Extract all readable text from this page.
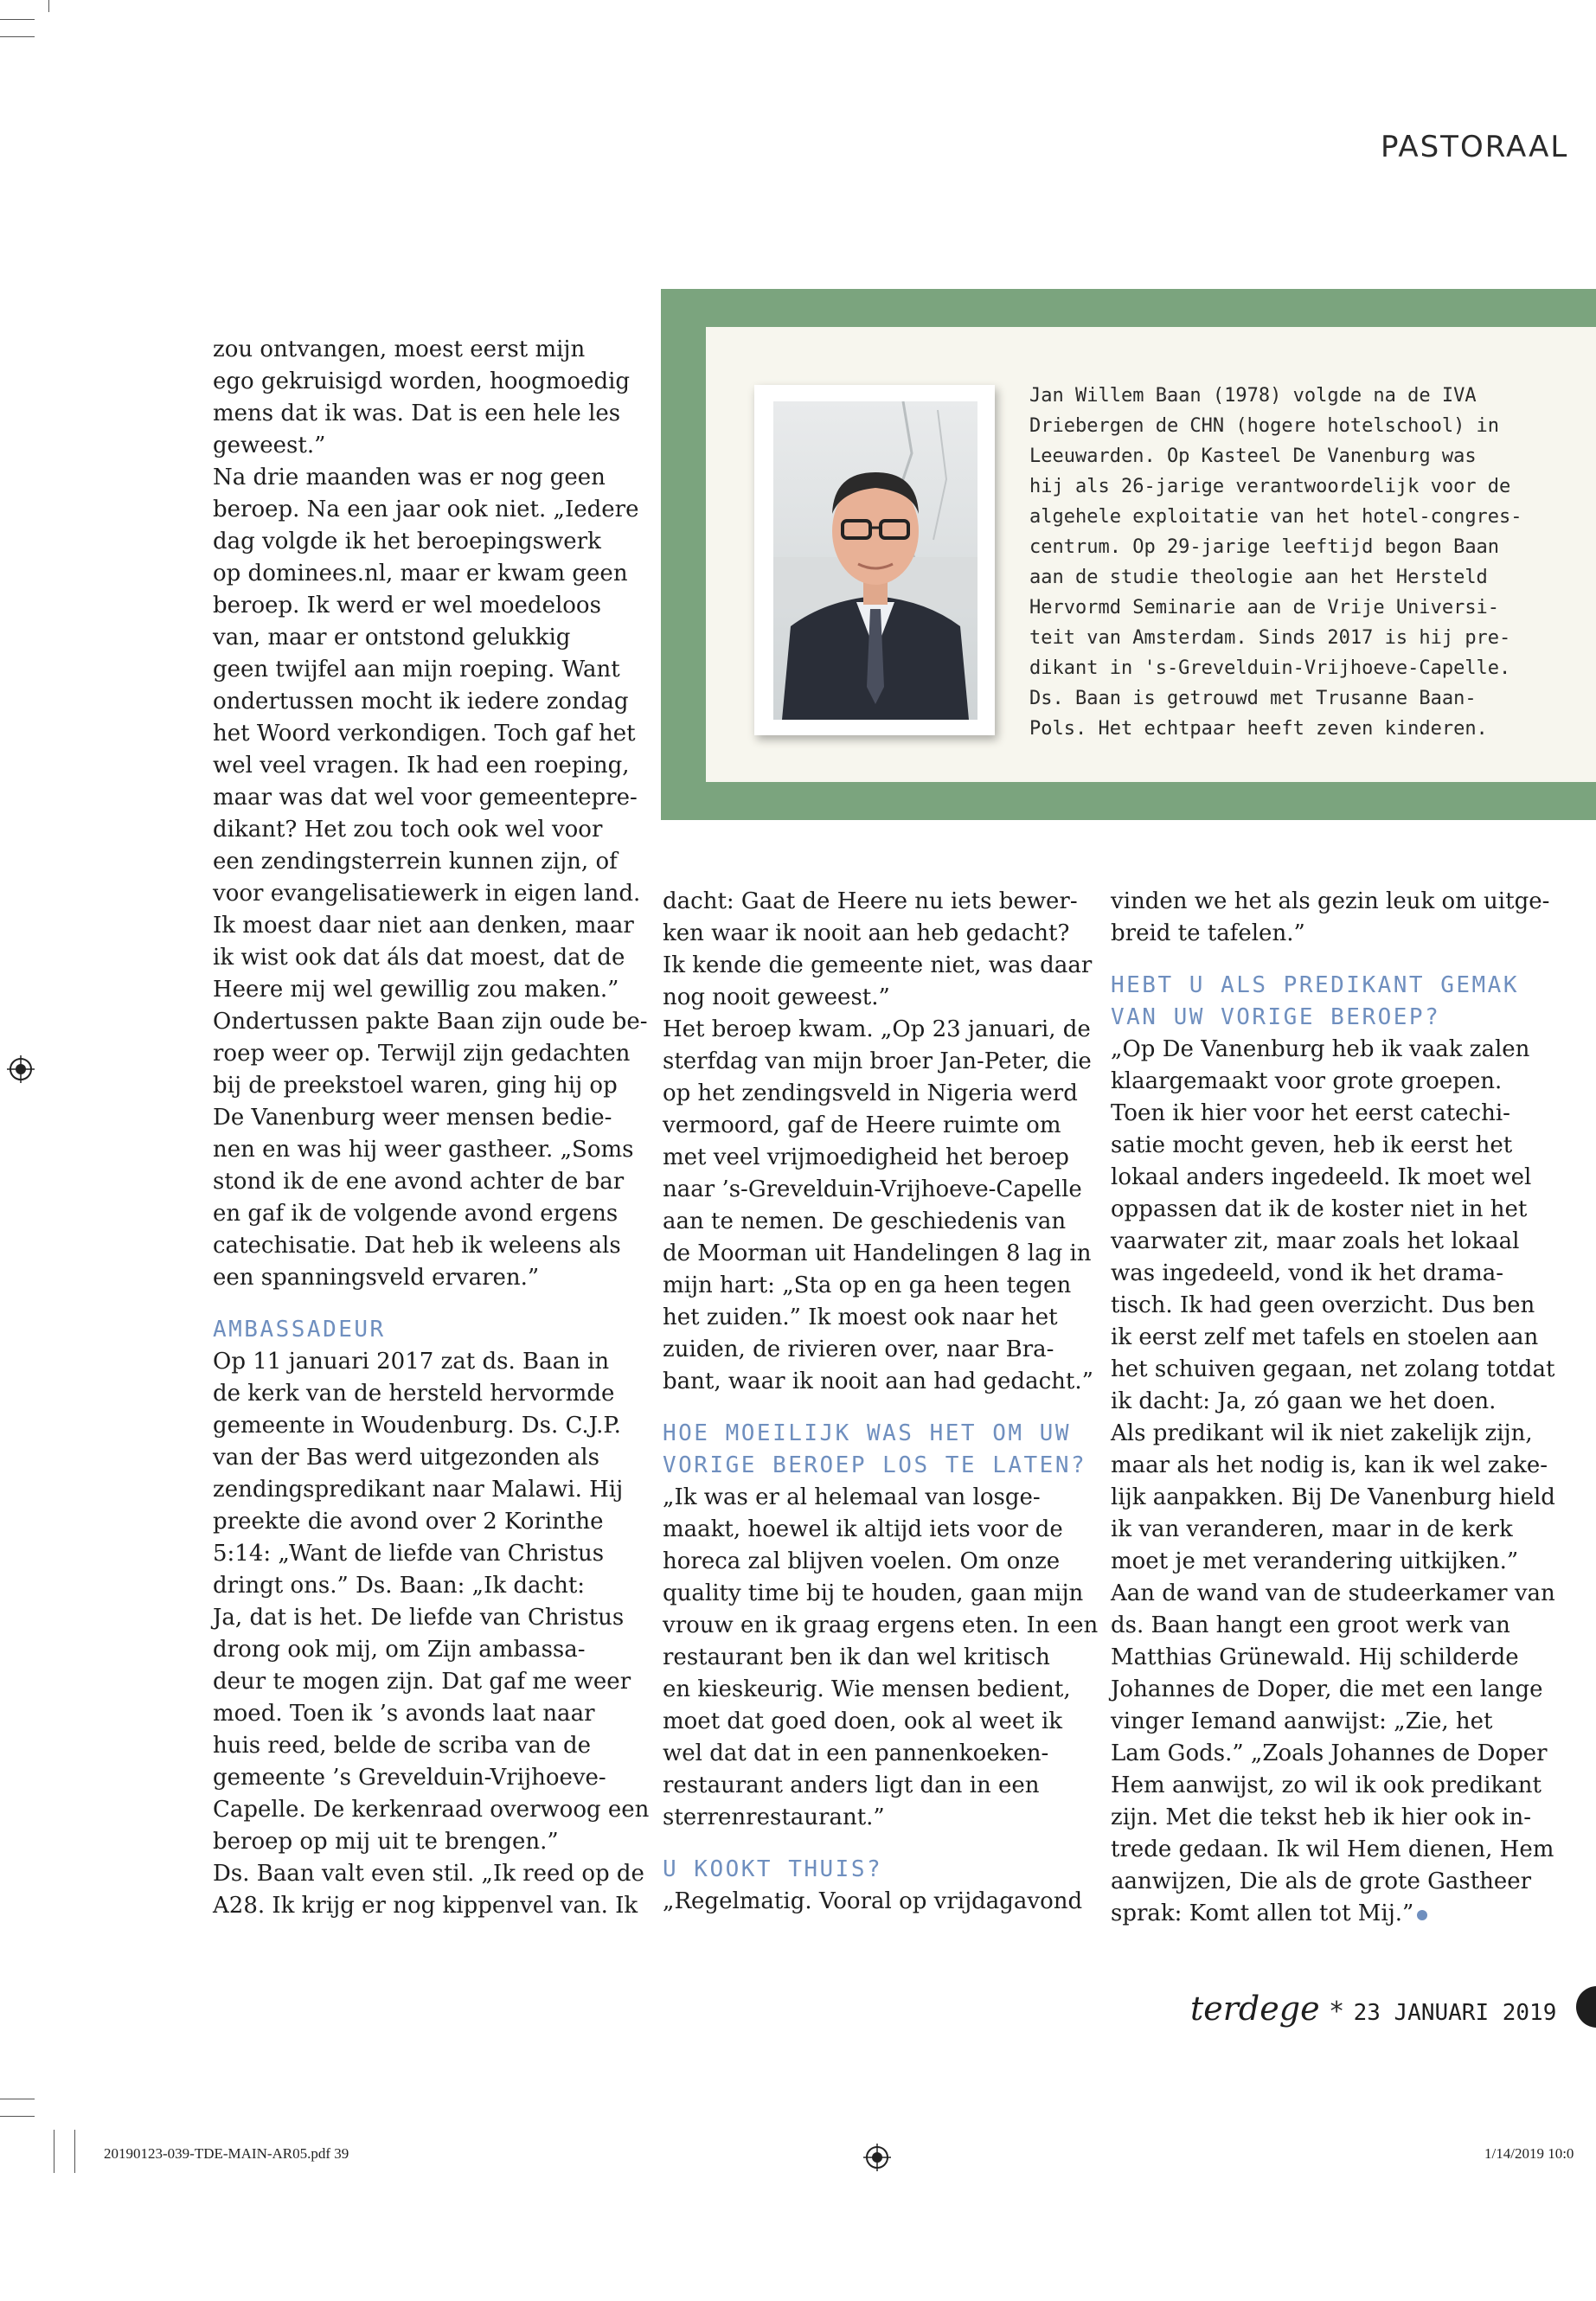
PASTORAAL

Jan Willem Baan (1978) volgde na de IVA

Driebergen de CHN (hogere hotelschool) in

Leeuwarden. Op Kasteel De Vanenburg was

hij als 26-jarige verantwoordelijk voor de

algehele exploitatie van het hotel-congres-

centrum. Op 29-jarige leeftijd begon Baan

aan de studie theologie aan het Hersteld

Hervormd Seminarie aan de Vrije Universi-

teit van Amsterdam. Sinds 2017 is hij pre-

dikant in 's-Grevelduin-Vrijhoeve-Capelle.

Ds. Baan is getrouwd met Trusanne Baan-

Pols. Het echtpaar heeft zeven kinderen.

zou ontvangen, moest eerst mijn

ego gekruisigd worden, hoogmoedig

mens dat ik was. Dat is een hele les

geweest.”

Na drie maanden was er nog geen

beroep. Na een jaar ook niet. „Iedere

dag volgde ik het beroepingswerk

op dominees.nl, maar er kwam geen

beroep. Ik werd er wel moedeloos

van, maar er ontstond gelukkig

geen twijfel aan mijn roeping. Want

ondertussen mocht ik iedere zondag

het Woord verkondigen. Toch gaf het

wel veel vragen. Ik had een roeping,

maar was dat wel voor gemeentepre-

dikant? Het zou toch ook wel voor

een zendingsterrein kunnen zijn, of

voor evangelisatiewerk in eigen land.

Ik moest daar niet aan denken, maar

ik wist ook dat áls dat moest, dat de

Heere mij wel gewillig zou maken.”

Ondertussen pakte Baan zijn oude be-

roep weer op. Terwijl zijn gedachten

bij de preekstoel waren, ging hij op

De Vanenburg weer mensen bedie-

nen en was hij weer gastheer. „Soms

stond ik de ene avond achter de bar

en gaf ik de volgende avond ergens

catechisatie. Dat heb ik weleens als

een spanningsveld ervaren.”

AMBASSADEUR

Op 11 januari 2017 zat ds. Baan in

de kerk van de hersteld hervormde

gemeente in Woudenburg. Ds. C.J.P.

van der Bas werd uitgezonden als

zendingspredikant naar Malawi. Hij

preekte die avond over 2 Korinthe

5:14: „Want de liefde van Christus

dringt ons.” Ds. Baan: „Ik dacht:

Ja, dat is het. De liefde van Christus

drong ook mij, om Zijn ambassa-

deur te mogen zijn. Dat gaf me weer

moed. Toen ik ’s avonds laat naar

huis reed, belde de scriba van de

gemeente ’s Grevelduin-Vrijhoeve-

Capelle. De kerkenraad overwoog een

beroep op mij uit te brengen.”

Ds. Baan valt even stil. „Ik reed op de

A28. Ik krijg er nog kippenvel van. Ik

dacht: Gaat de Heere nu iets bewer-

ken waar ik nooit aan heb gedacht?

Ik kende die gemeente niet, was daar

nog nooit geweest.”

Het beroep kwam. „Op 23 januari, de

sterfdag van mijn broer Jan-Peter, die

op het zendingsveld in Nigeria werd

vermoord, gaf de Heere ruimte om

met veel vrijmoedigheid het beroep

naar ’s-Grevelduin-Vrijhoeve-Capelle

aan te nemen. De geschiedenis van

de Moorman uit Handelingen 8 lag in

mijn hart: „Sta op en ga heen tegen

het zuiden.” Ik moest ook naar het

zuiden, de rivieren over, naar Bra-

bant, waar ik nooit aan had gedacht.”

HOE MOEILIJK WAS HET OM UW
VORIGE BEROEP LOS TE LATEN?

„Ik was er al helemaal van losge-

maakt, hoewel ik altijd iets voor de

horeca zal blijven voelen. Om onze

quality time bij te houden, gaan mijn

vrouw en ik graag ergens eten. In een

restaurant ben ik dan wel kritisch

en kieskeurig. Wie mensen bedient,

moet dat goed doen, ook al weet ik

wel dat dat in een pannenkoeken-

restaurant anders ligt dan in een

sterrenrestaurant.”

U KOOKT THUIS?

„Regelmatig. Vooral op vrijdagavond

vinden we het als gezin leuk om uitge-

breid te tafelen.”

HEBT U ALS PREDIKANT GEMAK
VAN UW VORIGE BEROEP?

„Op De Vanenburg heb ik vaak zalen

klaargemaakt voor grote groepen.

Toen ik hier voor het eerst catechi-

satie mocht geven, heb ik eerst het

lokaal anders ingedeeld. Ik moet wel

oppassen dat ik de koster niet in het

vaarwater zit, maar zoals het lokaal

was ingedeeld, vond ik het drama-

tisch. Ik had geen overzicht. Dus ben

ik eerst zelf met tafels en stoelen aan

het schuiven gegaan, net zolang totdat

ik dacht: Ja, zó gaan we het doen.

Als predikant wil ik niet zakelijk zijn,

maar als het nodig is, kan ik wel zake-

lijk aanpakken. Bij De Vanenburg hield

ik van veranderen, maar in de kerk

moet je met verandering uitkijken.”

Aan de wand van de studeerkamer van

ds. Baan hangt een groot werk van

Matthias Grünewald. Hij schilderde

Johannes de Doper, die met een lange

vinger Iemand aanwijst: „Zie, het

Lam Gods.” „Zoals Johannes de Doper

Hem aanwijst, zo wil ik ook predikant

zijn. Met die tekst heb ik hier ook in-

trede gedaan. Ik wil Hem dienen, Hem

aanwijzen, Die als de grote Gastheer

sprak: Komt allen tot Mij.”

terdege * 23 JANUARI 2019
20190123-039-TDE-MAIN-AR05.pdf 39	1/14/2019 10:0
